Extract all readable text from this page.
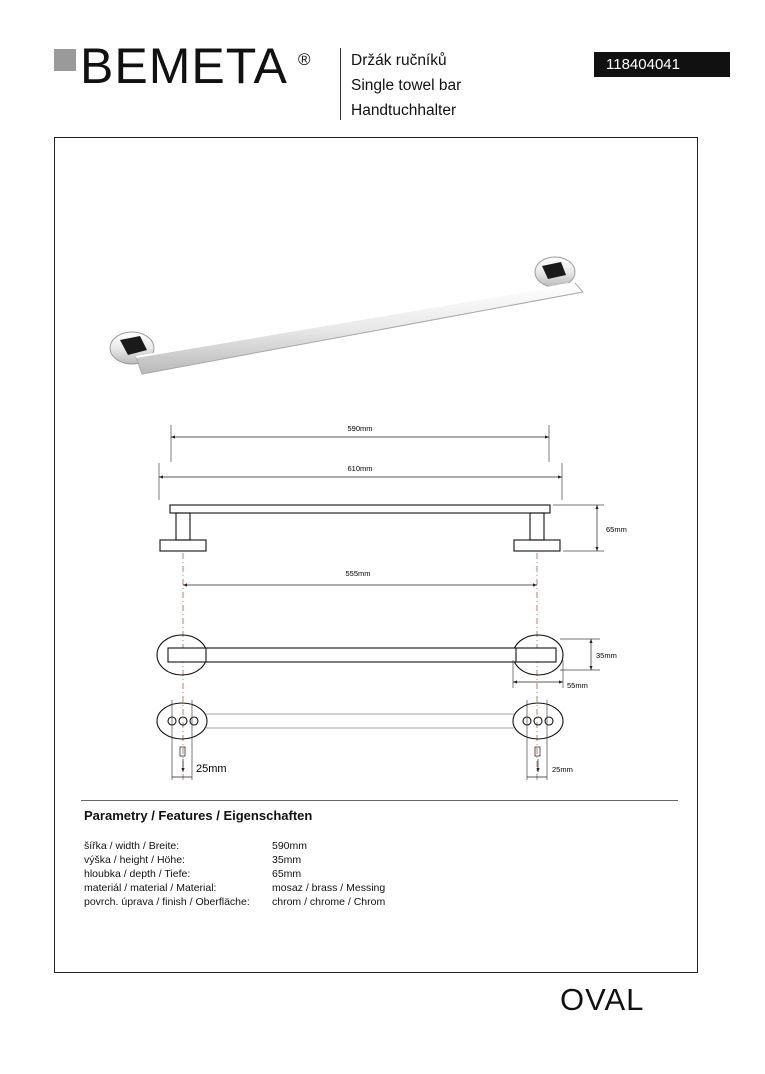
BEMETA ®	Držák ručníků
Single towel bar
Handtuchhalter
118404041
590mm
610mm
65mm
555mm
35mm
55mm
25mm	25mm
Parametry / Features / Eigenschaften
šířka / width / Breite:	590mm
výška / height / Höhe:	35mm
hloubka / depth / Tiefe:	65mm
materiál / material / Material:	mosaz / brass / Messing
povrch. úprava / finish / Oberfläche: chrom / chrome / Chrom
OVAL
